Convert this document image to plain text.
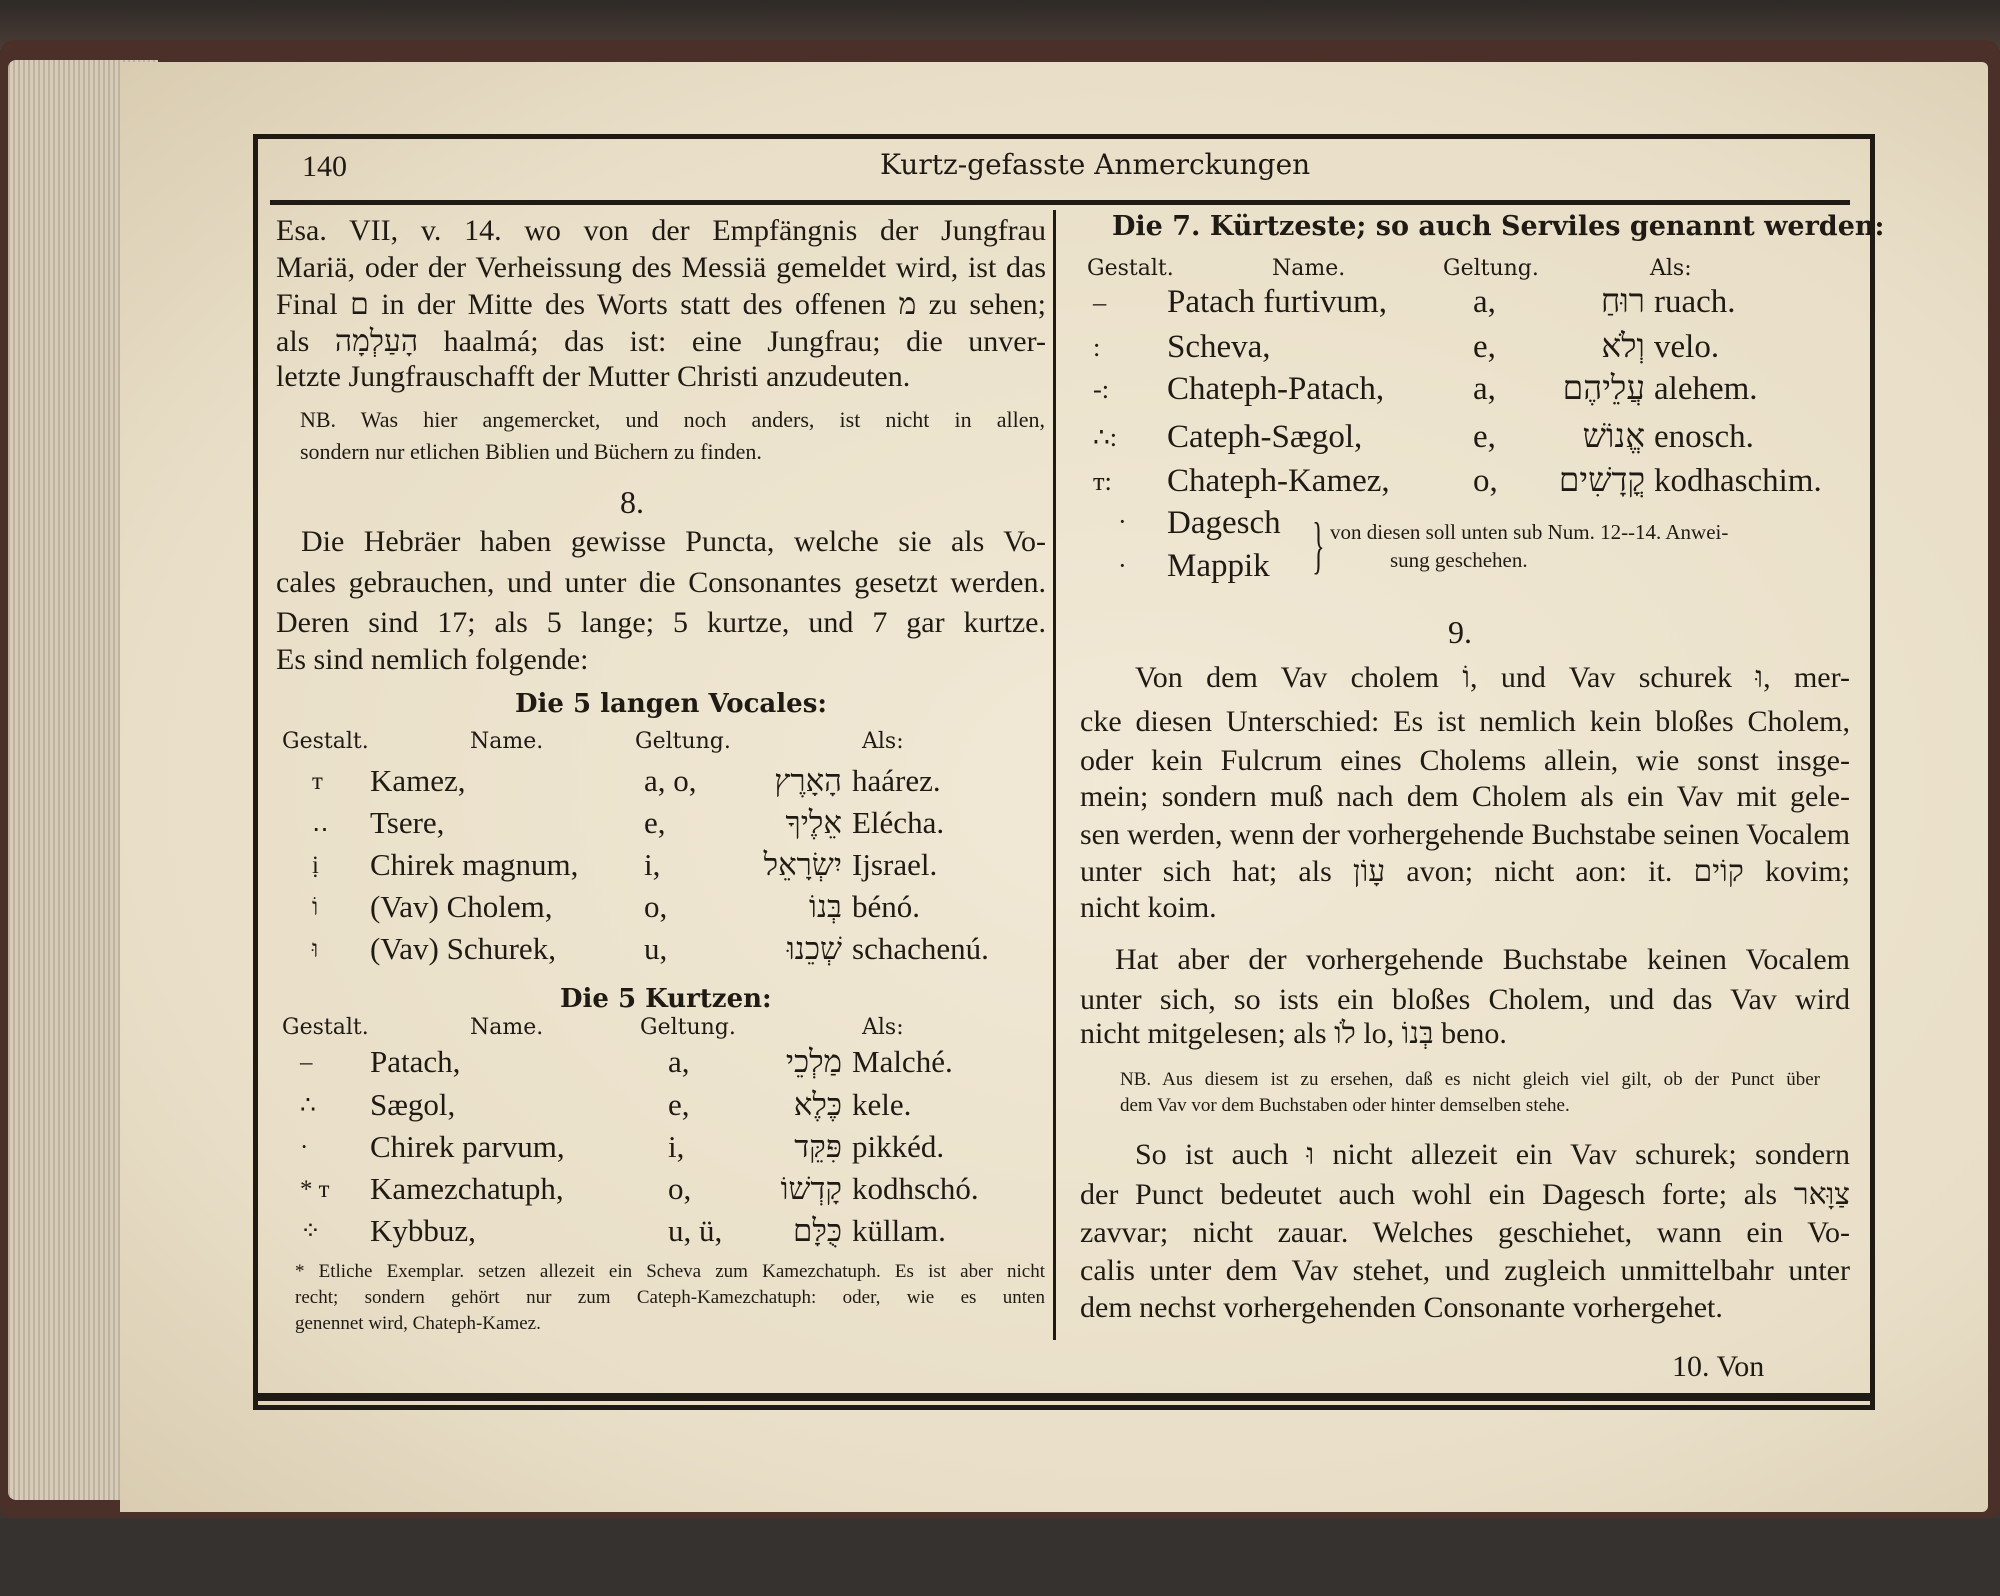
140	Kurtz-gefasste Anmerckungen
Esa. VII, v. 14. wo von der Empfängnis der Jungfrau
Mariä, oder der Verheissung des Messiä gemeldet wird, ist das
Final ם in der Mitte des Worts statt des offenen מ zu sehen;
als הָעַלְמָה haalmá; das ist: eine Jungfrau; die unver-
letzte Jungfrauschafft der Mutter Christi anzudeuten.
NB. Was hier angemercket, und noch anders, ist nicht in allen,
sondern nur etlichen Biblien und Büchern zu finden.
8.
Die Hebräer haben gewisse Puncta, welche sie als Vo-
cales gebrauchen, und unter die Consonantes gesetzt werden.
Deren sind 17; als 5 lange; 5 kurtze, und 7 gar kurtze.
Es sind nemlich folgende:
Die 5 langen Vocales:
Gestalt.	Name.	Geltung.	Als:
ᴛ Kamez,	a, o,	הָאָרֶץ haárez.
‥ Tsere,	e,	אֵלֶיךָ Elécha.
ị Chirek magnum, i,	יִשְׂרָאֵל Ijsrael.
וֹ (Vav) Cholem,	o,	בְּנוֹ bénó.
וּ (Vav) Schurek,	u,	שְׁכֵנוּ schachenú.
Die 5 Kurtzen:
Gestalt.	Name.	Geltung.	Als:
– Patach,	a,	מַלְכֵי Malché.
∴ Sægol,	e,	כֶּלֶא kele.
· Chirek parvum,	i,	פִּקֵּד pikkéd.
* ᴛ Kamezchatuph,	o,	קָדְשׁוֹ kodhschó.
⁘ Kybbuz,	u, ü, כֻּלָּם küllam.
* Etliche Exemplar. setzen allezeit ein Scheva zum Kamezchatuph. Es ist aber nicht
recht; sondern gehört nur zum Cateph-Kamezchatuph: oder, wie es unten
genennet wird, Chateph-Kamez.
Die 7. Kürtzeste; so auch Serviles genannt werden:
Gestalt.	Name.	Geltung.	Als:
– Patach furtivum,	a,	רוּחַ ruach.
: Scheva,	e,	וְלֹא velo.
-: Chateph-Patach,	a, עֲלֵיהֶם alehem.
∴: Cateph-Sægol,	e,	אֱנוֹשׁ enosch.
ᴛ: Chateph-Kamez,	o, קֳדָשִׁים kodhaschim.
· Dagesch
· Mappik } von diesen soll unten sub Num. 12--14. Anwei-
sung geschehen.
9.
Von dem Vav cholem וֹ, und Vav schurek וּ, mer-
cke diesen Unterschied: Es ist nemlich kein bloßes Cholem,
oder kein Fulcrum eines Cholems allein, wie sonst insge-
mein; sondern muß nach dem Cholem als ein Vav mit gele-
sen werden, wenn der vorhergehende Buchstabe seinen Vocalem
unter sich hat; als עָוֹן avon; nicht aon: it. קוֹים kovim;
nicht koim.
Hat aber der vorhergehende Buchstabe keinen Vocalem
unter sich, so ists ein bloßes Cholem, und das Vav wird
nicht mitgelesen; als לֹו lo, בְּנוֹ beno.
NB. Aus diesem ist zu ersehen, daß es nicht gleich viel gilt, ob der Punct über
dem Vav vor dem Buchstaben oder hinter demselben stehe.
So ist auch וּ nicht allezeit ein Vav schurek; sondern
der Punct bedeutet auch wohl ein Dagesch forte; als צַוָּאר
zavvar; nicht zauar. Welches geschiehet, wann ein Vo-
calis unter dem Vav stehet, und zugleich unmittelbahr unter
dem nechst vorhergehenden Consonante vorhergehet.
10. Von
